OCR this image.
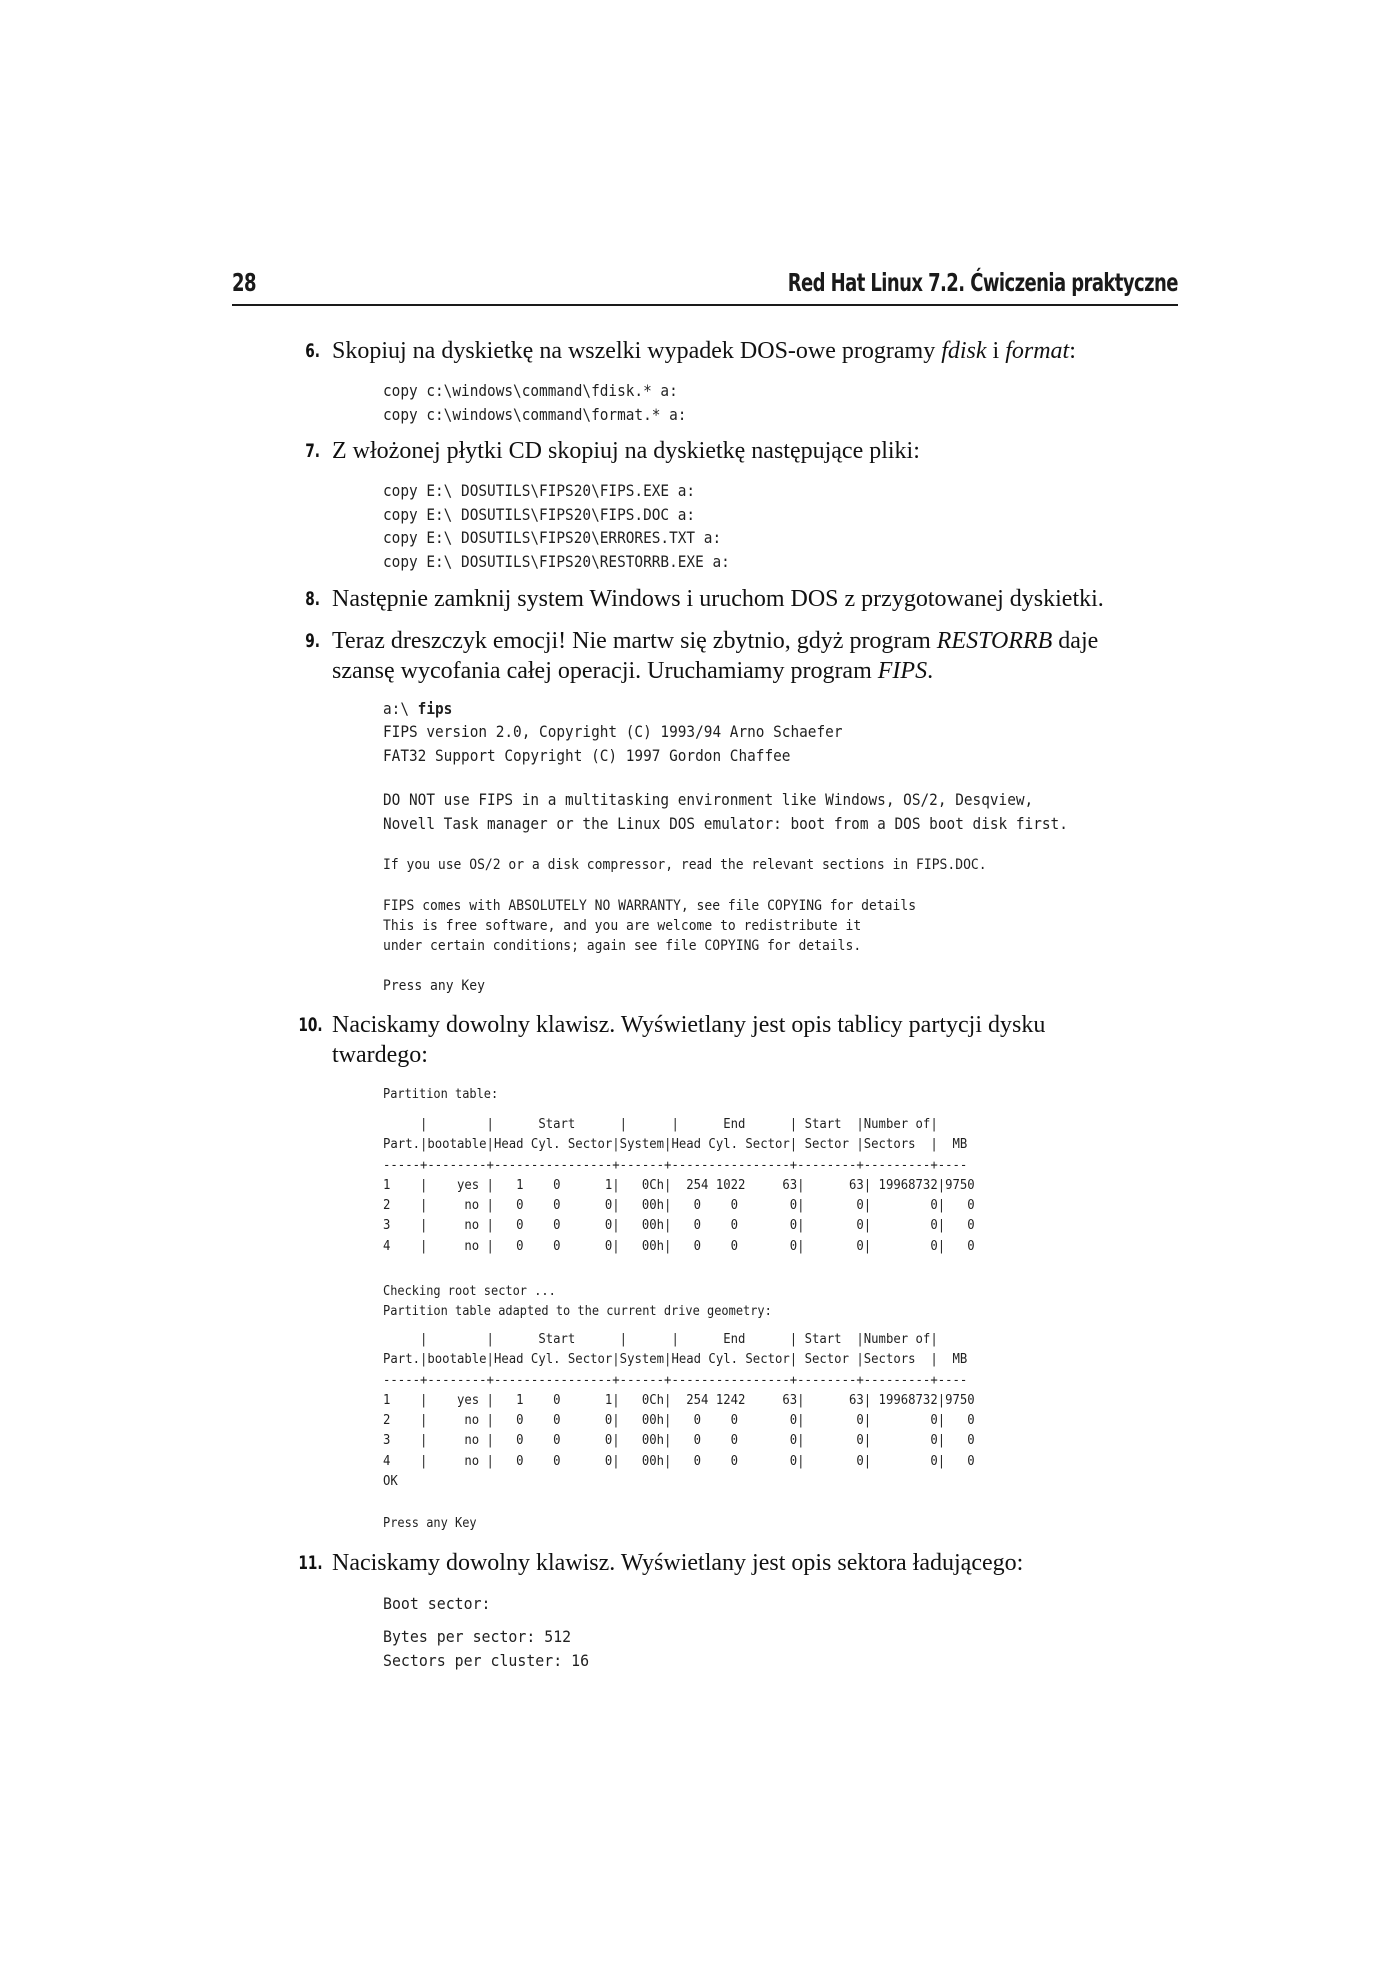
28	Red Hat Linux 7.2. Ćwiczenia praktyczne
6. Skopiuj na dyskietkę na wszelki wypadek DOS-owe programy fdisk i format:
copy c:\windows\command\fdisk.* a:
copy c:\windows\command\format.* a:
7. Z włożonej płytki CD skopiuj na dyskietkę następujące pliki:
copy E:\ DOSUTILS\FIPS20\FIPS.EXE a:
copy E:\ DOSUTILS\FIPS20\FIPS.DOC a:
copy E:\ DOSUTILS\FIPS20\ERRORES.TXT a:
copy E:\ DOSUTILS\FIPS20\RESTORRB.EXE a:
8. Następnie zamknij system Windows i uruchom DOS z przygotowanej dyskietki.
9. Teraz dreszczyk emocji! Nie martw się zbytnio, gdyż program RESTORRB daje
szansę wycofania całej operacji. Uruchamiamy program FIPS.
a:\ fips
FIPS version 2.0, Copyright (C) 1993/94 Arno Schaefer
FAT32 Support Copyright (C) 1997 Gordon Chaffee
DO NOT use FIPS in a multitasking environment like Windows, OS/2, Desqview,
Novell Task manager or the Linux DOS emulator: boot from a DOS boot disk first.
If you use OS/2 or a disk compressor, read the relevant sections in FIPS.DOC.
FIPS comes with ABSOLUTELY NO WARRANTY, see file COPYING for details
This is free software, and you are welcome to redistribute it
under certain conditions; again see file COPYING for details.
Press any Key
10. Naciskamy dowolny klawisz. Wyświetlany jest opis tablicy partycji dysku
twardego:
Partition table:
|        |      Start      |      |      End      | Start  |Number of|
Part.|bootable|Head Cyl. Sector|System|Head Cyl. Sector| Sector |Sectors  |  MB
-----+--------+----------------+------+----------------+--------+---------+----
1    |    yes |   1    0      1|   0Ch|  254 1022     63|      63| 19968732|9750
2    |     no |   0    0      0|   00h|   0    0       0|       0|        0|   0
3    |     no |   0    0      0|   00h|   0    0       0|       0|        0|   0
4    |     no |   0    0      0|   00h|   0    0       0|       0|        0|   0
Checking root sector ...
Partition table adapted to the current drive geometry:
|        |      Start      |      |      End      | Start  |Number of|
Part.|bootable|Head Cyl. Sector|System|Head Cyl. Sector| Sector |Sectors  |  MB
-----+--------+----------------+------+----------------+--------+---------+----
1    |    yes |   1    0      1|   0Ch|  254 1242     63|      63| 19968732|9750
2    |     no |   0    0      0|   00h|   0    0       0|       0|        0|   0
3    |     no |   0    0      0|   00h|   0    0       0|       0|        0|   0
4    |     no |   0    0      0|   00h|   0    0       0|       0|        0|   0
OK
Press any Key
11. Naciskamy dowolny klawisz. Wyświetlany jest opis sektora ładującego:
Boot sector:
Bytes per sector: 512
Sectors per cluster: 16
